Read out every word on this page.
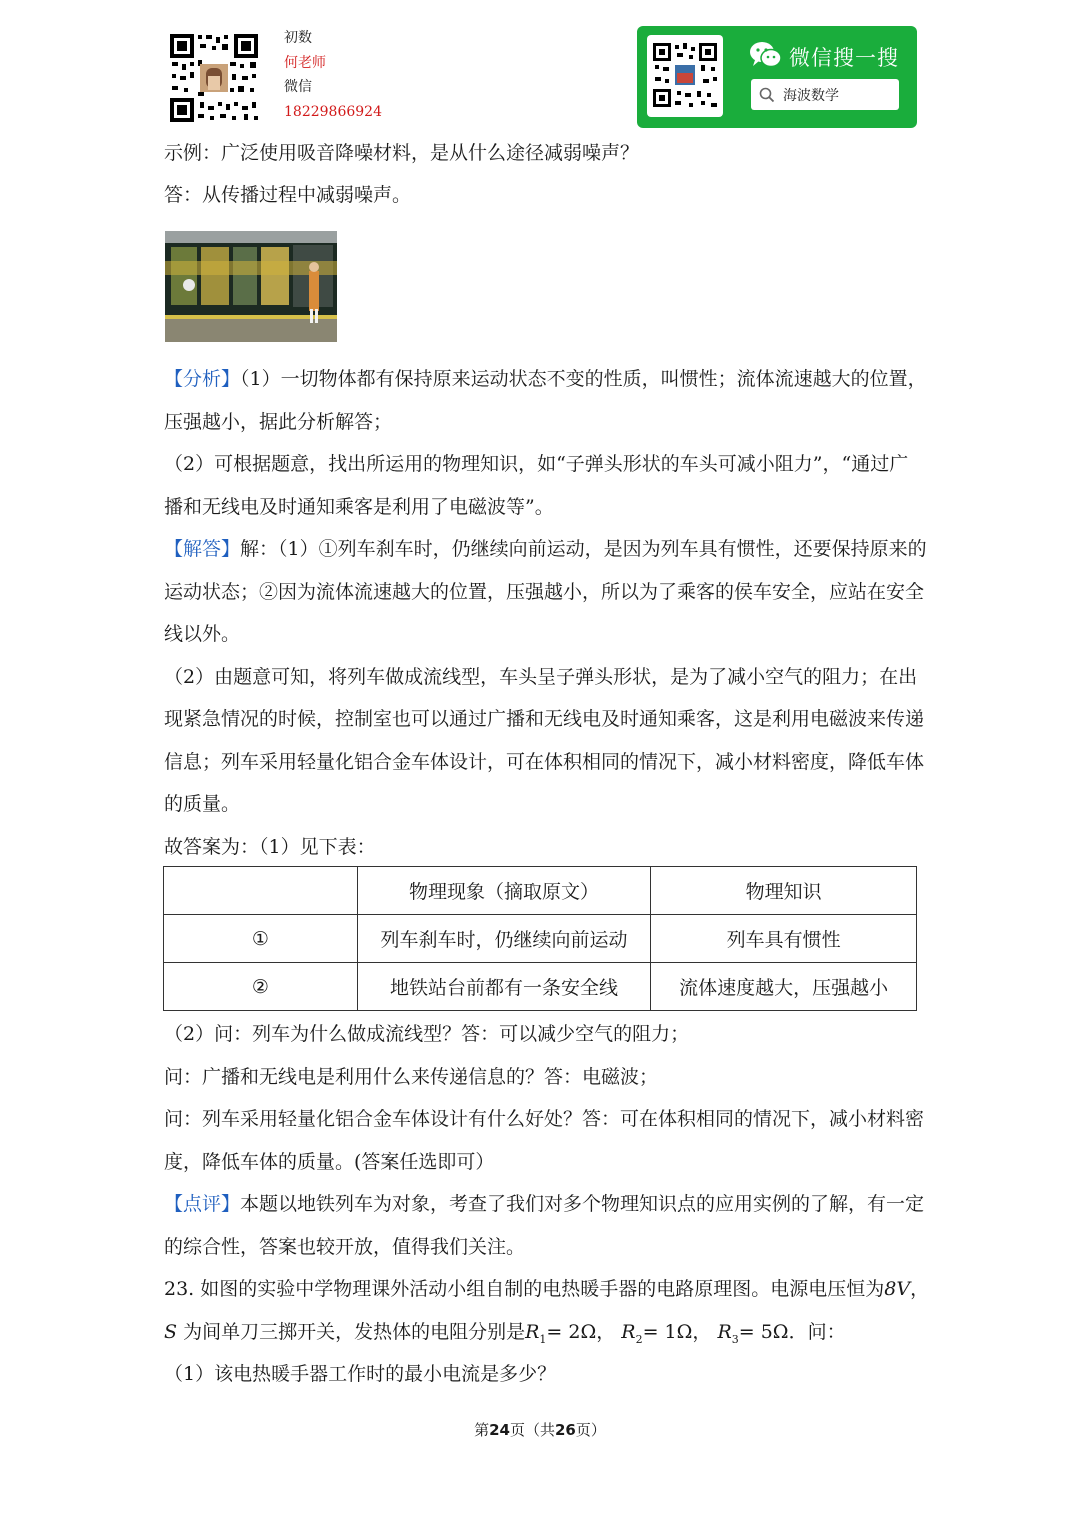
初数
何老师
微信
18229866924
微信搜一搜
海波数学
示例：广泛使用吸音降噪材料，是从什么途径减弱噪声？
答：从传播过程中减弱噪声。
【分析】（1）一切物体都有保持原来运动状态不变的性质，叫惯性；流体流速越大的位置，
压强越小，据此分析解答；
（2）可根据题意，找出所运用的物理知识，如“子弹头形状的车头可减小阻力”，“通过广
播和无线电及时通知乘客是利用了电磁波等”。
【解答】解：（1）①列车刹车时，仍继续向前运动，是因为列车具有惯性，还要保持原来的
运动状态；②因为流体流速越大的位置，压强越小，所以为了乘客的侯车安全，应站在安全
线以外。
（2）由题意可知，将列车做成流线型，车头呈子弹头形状，是为了减小空气的阻力；在出
现紧急情况的时候，控制室也可以通过广播和无线电及时通知乘客，这是利用电磁波来传递
信息；列车采用轻量化铝合金车体设计，可在体积相同的情况下，减小材料密度，降低车体
的质量。
故答案为：（1）见下表：
	物理现象（摘取原文）	物理知识
①	列车刹车时，仍继续向前运动	列车具有惯性
②	地铁站台前都有一条安全线	流体速度越大，压强越小
（2）问：列车为什么做成流线型？答：可以减少空气的阻力；
问：广播和无线电是利用什么来传递信息的？答：电磁波；
问：列车采用轻量化铝合金车体设计有什么好处？答：可在体积相同的情况下，减小材料密
度，降低车体的质量。(答案任选即可）
【点评】本题以地铁列车为对象，考查了我们对多个物理知识点的应用实例的了解，有一定
的综合性，答案也较开放，值得我们关注。
23. 如图的实验中学物理课外活动小组自制的电热暖手器的电路原理图。电源电压恒为8V，
S 为间单刀三掷开关，发热体的电阻分别是$R_1= 2\Omega$， $R_2= 1\Omega$， $R_3= 5\Omega$．问：
（1）该电热暖手器工作时的最小电流是多少？
第24页（共26页）
